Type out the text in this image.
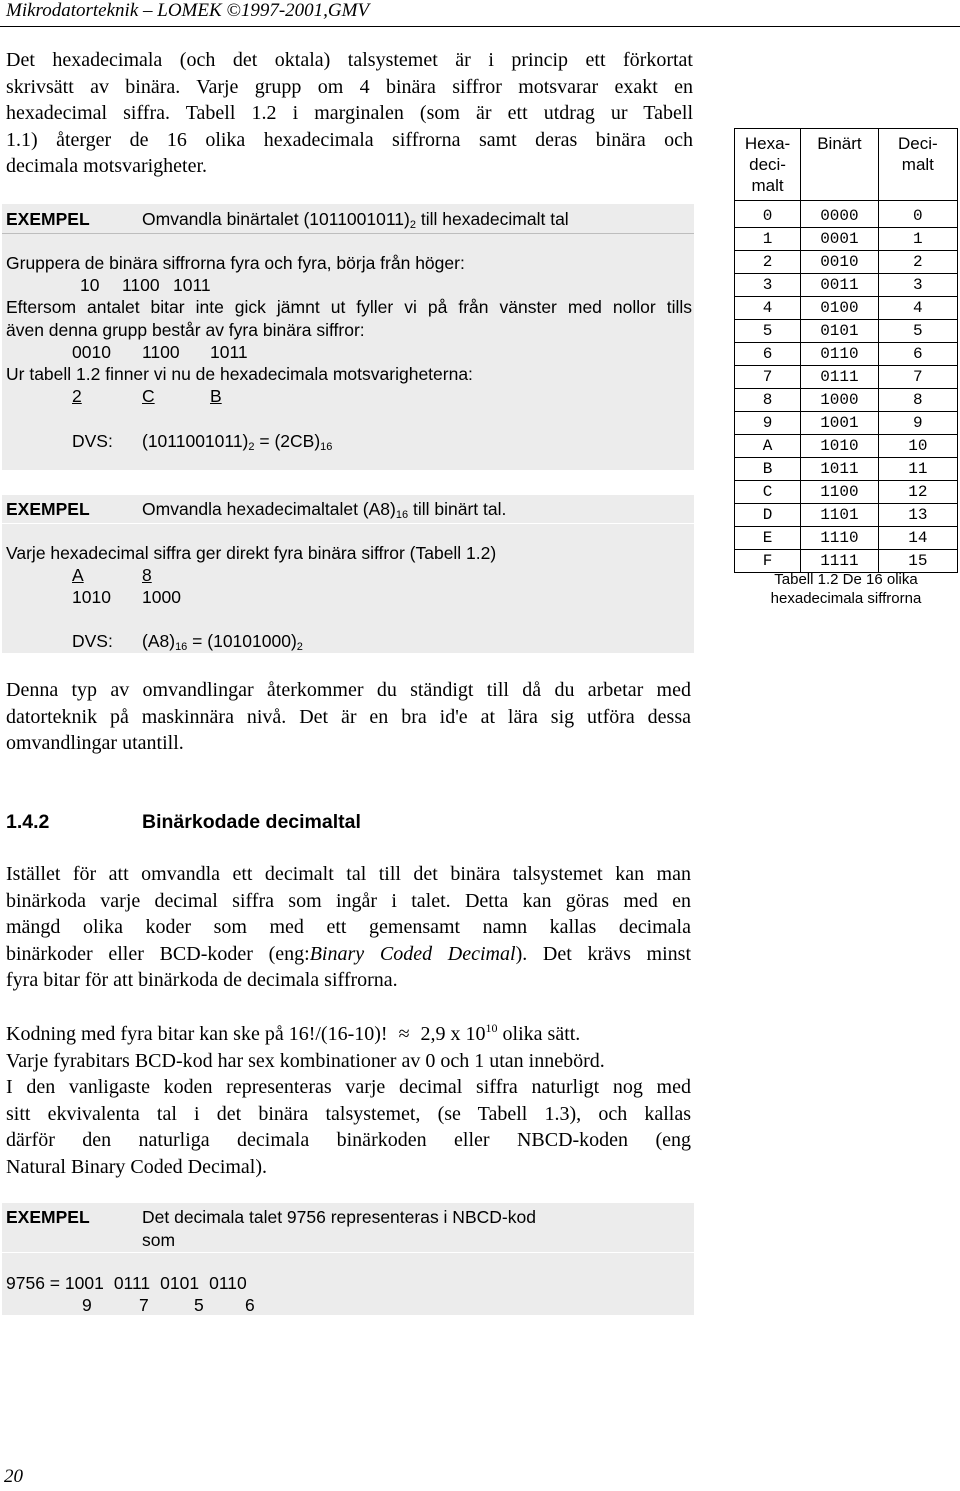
Mikrodatorteknik – LOMEK ©1997-2001,GMV
Det hexadecimala (och det oktala) talsystemet är i princip ett förkortat
skrivsätt av binära. Varje grupp om 4 binära siffror motsvarar exakt en
hexadecimal siffra. Tabell 1.2 i marginalen (som är ett utdrag ur Tabell
1.1) återger de 16 olika hexadecimala siffrorna samt deras binära och
decimala motsvarigheter.
EXEMPEL	Omvandla binärtalet $(1011001011)_2$ till hexadecimalt tal
Gruppera de binära siffrorna fyra och fyra, börja från höger:
10 1100 1011
Eftersom antalet bitar inte gick jämnt ut fyller vi på från vänster med nollor tills
även denna grupp består av fyra binära siffror:
0010 1100 1011
Ur tabell 1.2 finner vi nu de hexadecimala motsvarigheterna:
2	C	B
DVS: $(1011001011)_2 = (2CB)_{16}$
EXEMPEL	Omvandla hexadecimaltalet $(A8)_{16}$ till binärt tal.
Varje hexadecimal siffra ger direkt fyra binära siffror (Tabell 1.2)
A	8
1010 1000
DVS: $(A8)_{16} = (10101000)_2$
Denna typ av omvandlingar återkommer du ständigt till då du arbetar med
datorteknik på maskinnära nivå. Det är en bra id'e at lära sig utföra dessa
omvandlingar utantill.
1.4.2	Binärkodade decimaltal
Istället för att omvandla ett decimalt tal till det binära talsystemet kan man
binärkoda varje decimal siffra som ingår i talet. Detta kan göras med en
mängd olika koder som med ett gemensamt namn kallas decimala
binärkoder eller BCD-koder (eng:Binary Coded Decimal). Det krävs minst
fyra bitar för att binärkoda de decimala siffrorna.
Kodning med fyra bitar kan ske på 16!/(16-10)! ≈ 2,9 x $10^{10}$ olika sätt.
Varje fyrabitars BCD-kod har sex kombinationer av 0 och 1 utan innebörd.
I den vanligaste koden representeras varje decimal siffra naturligt nog med
sitt ekvivalenta tal i det binära talsystemet, (se Tabell 1.3), och kallas
därför den naturliga decimala binärkoden eller NBCD-koden (eng
Natural Binary Coded Decimal).
EXEMPEL	Det decimala talet 9756 representeras i NBCD-kod
som
9756 = 1001 0111 0101 0110
9	7	5 6
Hexa-
deci-
malt	Binärt	Deci-
malt

0	0000	0
1	0001	1
2	0010	2
3	0011	3
4	0100	4
5	0101	5
6	0110	6
7	0111	7
8	1000	8
9	1001	9
A	1010	10
B	1011	11
C	1100	12
D	1101	13
E	1110	14
F	1111	15
Tabell 1.2 De 16 olika
hexadecimala siffrorna
20
